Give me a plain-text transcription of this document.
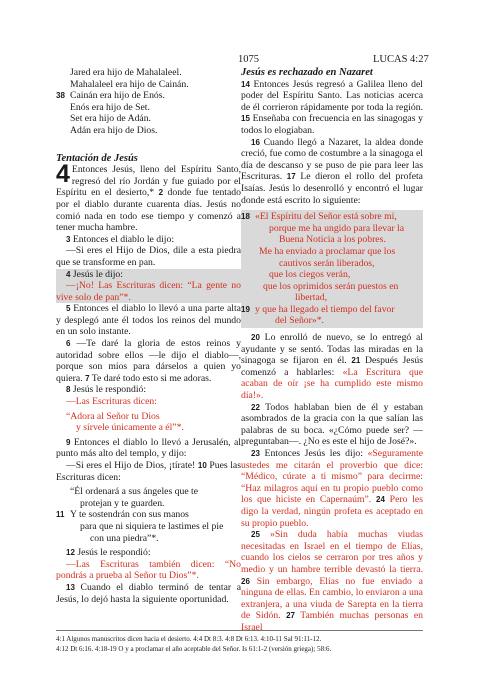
1075	LUCAS 4:27
Jared era hijo de Mahalaleel.
Mahalaleel era hijo de Cainán.
38 Cainán era hijo de Enós.
Enós era hijo de Set.
Set era hijo de Adán.
Adán era hijo de Dios.

Tentación de Jesús

4 Entonces Jesús, lleno del Espíritu Santo, regresó del río Jordán y fue guiado por el Espíritu en el desierto,* 2 donde fue tentado por el diablo durante cuarenta días. Jesús no comió nada en todo ese tiempo y comenzó a tener mucha hambre.

3 Entonces el diablo le dijo:

—Si eres el Hijo de Dios, dile a esta piedra que se transforme en pan.

4 Jesús le dijo:

—¡No! Las Escrituras dicen: “La gente no vive solo de pan”*.

5 Entonces el diablo lo llevó a una parte alta y desplegó ante él todos los reinos del mundo en un solo instante.

6 —Te daré la gloria de estos reinos y autoridad sobre ellos —le dijo el diablo—, porque son míos para dárselos a quien yo quiera. 7 Te daré todo esto si me adoras.

8 Jesús le respondió:

—Las Escrituras dicen:

“Adora al Señor tu Dios
y sírvele únicamente a él”*.

9 Entonces el diablo lo llevó a Jerusalén, al punto más alto del templo, y dijo:

—Si eres el Hijo de Dios, ¡tírate! 10 Pues las Escrituras dicen:

“Él ordenará a sus ángeles que te
protejan y te guarden.
11 Y te sostendrán con sus manos
para que ni siquiera te lastimes el pie
con una piedra”*.

12 Jesús le respondió:

—Las Escrituras también dicen: “No pondrás a prueba al Señor tu Dios”*.

13 Cuando el diablo terminó de tentar a Jesús, lo dejó hasta la siguiente oportunidad.

Jesús es rechazado en Nazaret

14 Entonces Jesús regresó a Galilea lleno del poder del Espíritu Santo. Las noticias acerca de él corrieron rápidamente por toda la región. 15 Enseñaba con frecuencia en las sinagogas y todos lo elogiaban.

16 Cuando llegó a Nazaret, la aldea donde creció, fue como de costumbre a la sinagoga el día de descanso y se puso de pie para leer las Escrituras. 17 Le dieron el rollo del profeta Isaías. Jesús lo desenrolló y encontró el lugar donde está escrito lo siguiente:

18 «El Espíritu del Señor está sobre mí,
porque me ha ungido para llevar la
Buena Noticia a los pobres.
Me ha enviado a proclamar que los
cautivos serán liberados,
que los ciegos verán,
que los oprimidos serán puestos en
libertad,
19 y que ha llegado el tiempo del favor
del Señor»*.

20 Lo enrolló de nuevo, se lo entregó al ayudante y se sentó. Todas las miradas en la sinagoga se fijaron en él. 21 Después Jesús comenzó a hablarles: «La Escritura que acaban de oír ¡se ha cumplido este mismo día!».

22 Todos hablaban bien de él y estaban asombrados de la gracia con la que salían las palabras de su boca. «¿Cómo puede ser? —preguntaban—. ¿No es este el hijo de José?».

23 Entonces Jesús les dijo: «Seguramente ustedes me citarán el proverbio que dice: “Médico, cúrate a ti mismo” para decirme: “Haz milagros aquí en tu propio pueblo como los que hiciste en Capernaúm”. 24 Pero les digo la verdad, ningún profeta es aceptado en su propio pueblo.

25 »Sin duda había muchas viudas necesitadas en Israel en el tiempo de Elías, cuando los cielos se cerraron por tres años y medio y un hambre terrible devastó la tierra. 26 Sin embargo, Elías no fue enviado a ninguna de ellas. En cambio, lo enviaron a una extranjera, a una viuda de Sarepta en la tierra de Sidón. 27 También muchas personas en Israel

4:1 Algunos manuscritos dicen hacia el desierto. 4:4 Dt 8:3. 4:8 Dt 6:13. 4:10-11 Sal 91:11-12.
4:12 Dt 6:16. 4:18-19 O y a proclamar el año aceptable del Señor. Is 61:1-2 (versión griega); 58:6.
